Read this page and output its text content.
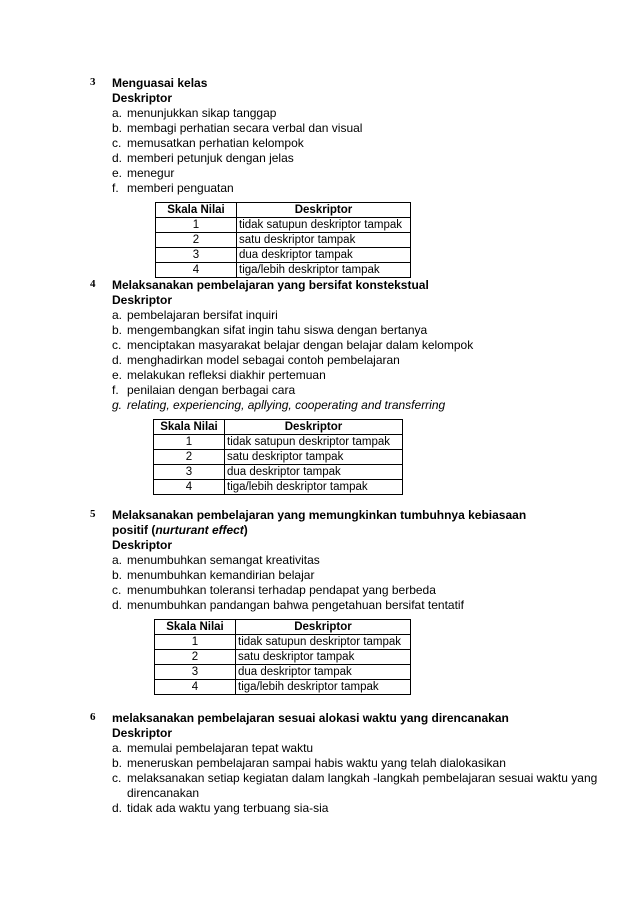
3 Menguasai kelas
Deskriptor
a. menunjukkan sikap tanggap
b. membagi perhatian secara verbal dan visual
c. memusatkan perhatian kelompok
d. memberi petunjuk dengan jelas
e. menegur
f. memberi penguatan
Skala Nilai	Deskriptor
1	tidak satupun deskriptor tampak
2	satu deskriptor tampak
3	dua deskriptor tampak
4	tiga/lebih deskriptor tampak
4 Melaksanakan pembelajaran yang bersifat konstekstual
Deskriptor
a. pembelajaran bersifat inquiri
b. mengembangkan sifat ingin tahu siswa dengan bertanya
c. menciptakan masyarakat belajar dengan belajar dalam kelompok
d. menghadirkan model sebagai contoh pembelajaran
e. melakukan refleksi diakhir pertemuan
f. penilaian dengan berbagai cara
g. relating, experiencing, apllying, cooperating and transferring
Skala Nilai	Deskriptor
1	tidak satupun deskriptor tampak
2	satu deskriptor tampak
3	dua deskriptor tampak
4	tiga/lebih deskriptor tampak
5 Melaksanakan pembelajaran yang memungkinkan tumbuhnya kebiasaan
positif (nurturant effect)
Deskriptor
a. menumbuhkan semangat kreativitas
b. menumbuhkan kemandirian belajar
c. menumbuhkan toleransi terhadap pendapat yang berbeda
d. menumbuhkan pandangan bahwa pengetahuan bersifat tentatif
Skala Nilai	Deskriptor
1	tidak satupun deskriptor tampak
2	satu deskriptor tampak
3	dua deskriptor tampak
4	tiga/lebih deskriptor tampak
6 melaksanakan pembelajaran sesuai alokasi waktu yang direncanakan
Deskriptor
a. memulai pembelajaran tepat waktu
b. meneruskan pembelajaran sampai habis waktu yang telah dialokasikan
c. melaksanakan setiap kegiatan dalam langkah -langkah pembelajaran sesuai waktu yang direncanakan
d. tidak ada waktu yang terbuang sia-sia
